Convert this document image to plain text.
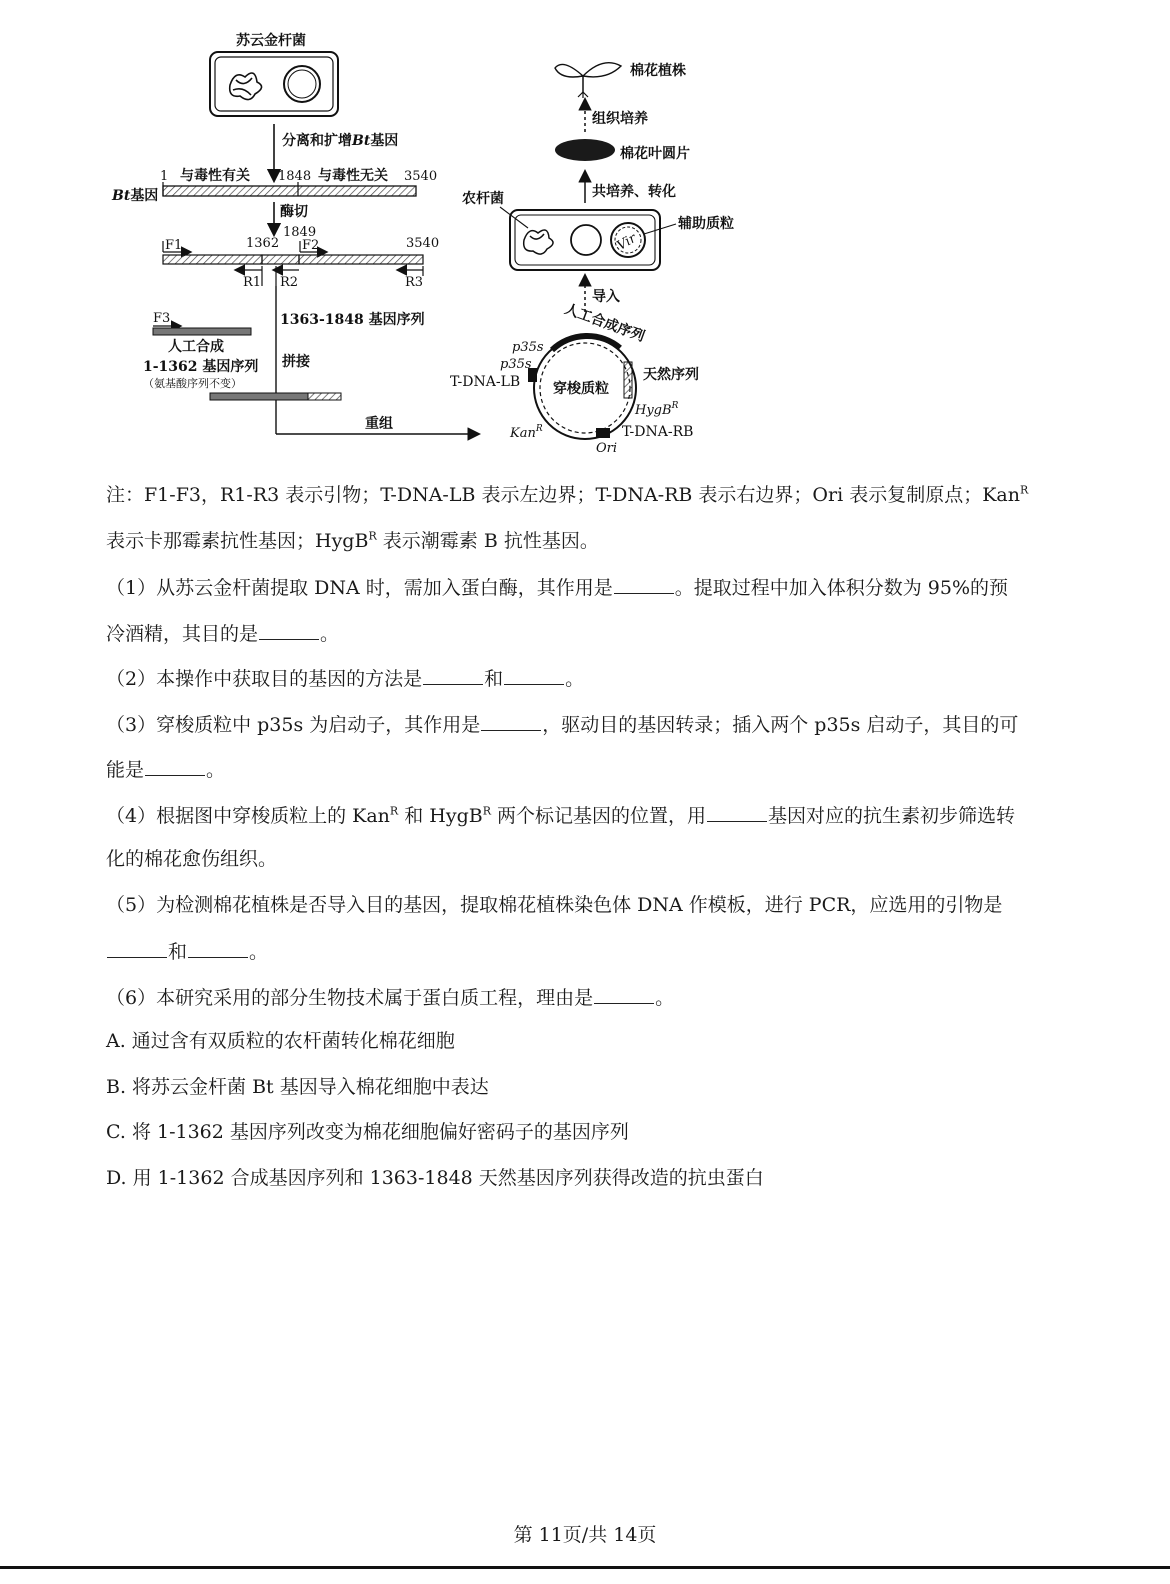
苏云金杆菌
分离和扩增Bt基因
1 与毒性有关 1848 与毒性无关 3540
Bt基因
酶切
1849
F1	1362 F2	3540
R1 R2	R3
1363-1848 基因序列
拼接
重组
F3
人工合成
1-1362 基因序列
（氨基酸序列不变）
棉花植株
组织培养
棉花叶圆片
共培养、转化
农杆菌
Vir
辅助质粒
导入
穿梭质粒
人工合成序列
p35s
p35s
T-DNA-LB	天然序列
HygB$^R$
T-DNA-RB
Kan$^R$
Ori
注：F1-F3，R1-R3 表示引物；T-DNA-LB 表示左边界；T-DNA-RB 表示右边界；Ori 表示复制原点；Kan$^R$
表示卡那霉素抗性基因；HygB$^R$ 表示潮霉素 B 抗性基因。
（1）从苏云金杆菌提取 DNA 时，需加入蛋白酶，其作用是	。提取过程中加入体积分数为 95%的预
冷酒精，其目的是	。
（2）本操作中获取目的基因的方法是	和	。
（3）穿梭质粒中 p35s 为启动子，其作用是	，驱动目的基因转录；插入两个 p35s 启动子，其目的可
能是	。
（4）根据图中穿梭质粒上的 Kan$^R$ 和 HygB$^R$ 两个标记基因的位置，用	基因对应的抗生素初步筛选转
化的棉花愈伤组织。
（5）为检测棉花植株是否导入目的基因，提取棉花植株染色体 DNA 作模板，进行 PCR，应选用的引物是
和	。
（6）本研究采用的部分生物技术属于蛋白质工程，理由是	。
A. 通过含有双质粒的农杆菌转化棉花细胞
B. 将苏云金杆菌 Bt 基因导入棉花细胞中表达
C. 将 1-1362 基因序列改变为棉花细胞偏好密码子的基因序列
D. 用 1-1362 合成基因序列和 1363-1848 天然基因序列获得改造的抗虫蛋白
第 11页/共 14页
